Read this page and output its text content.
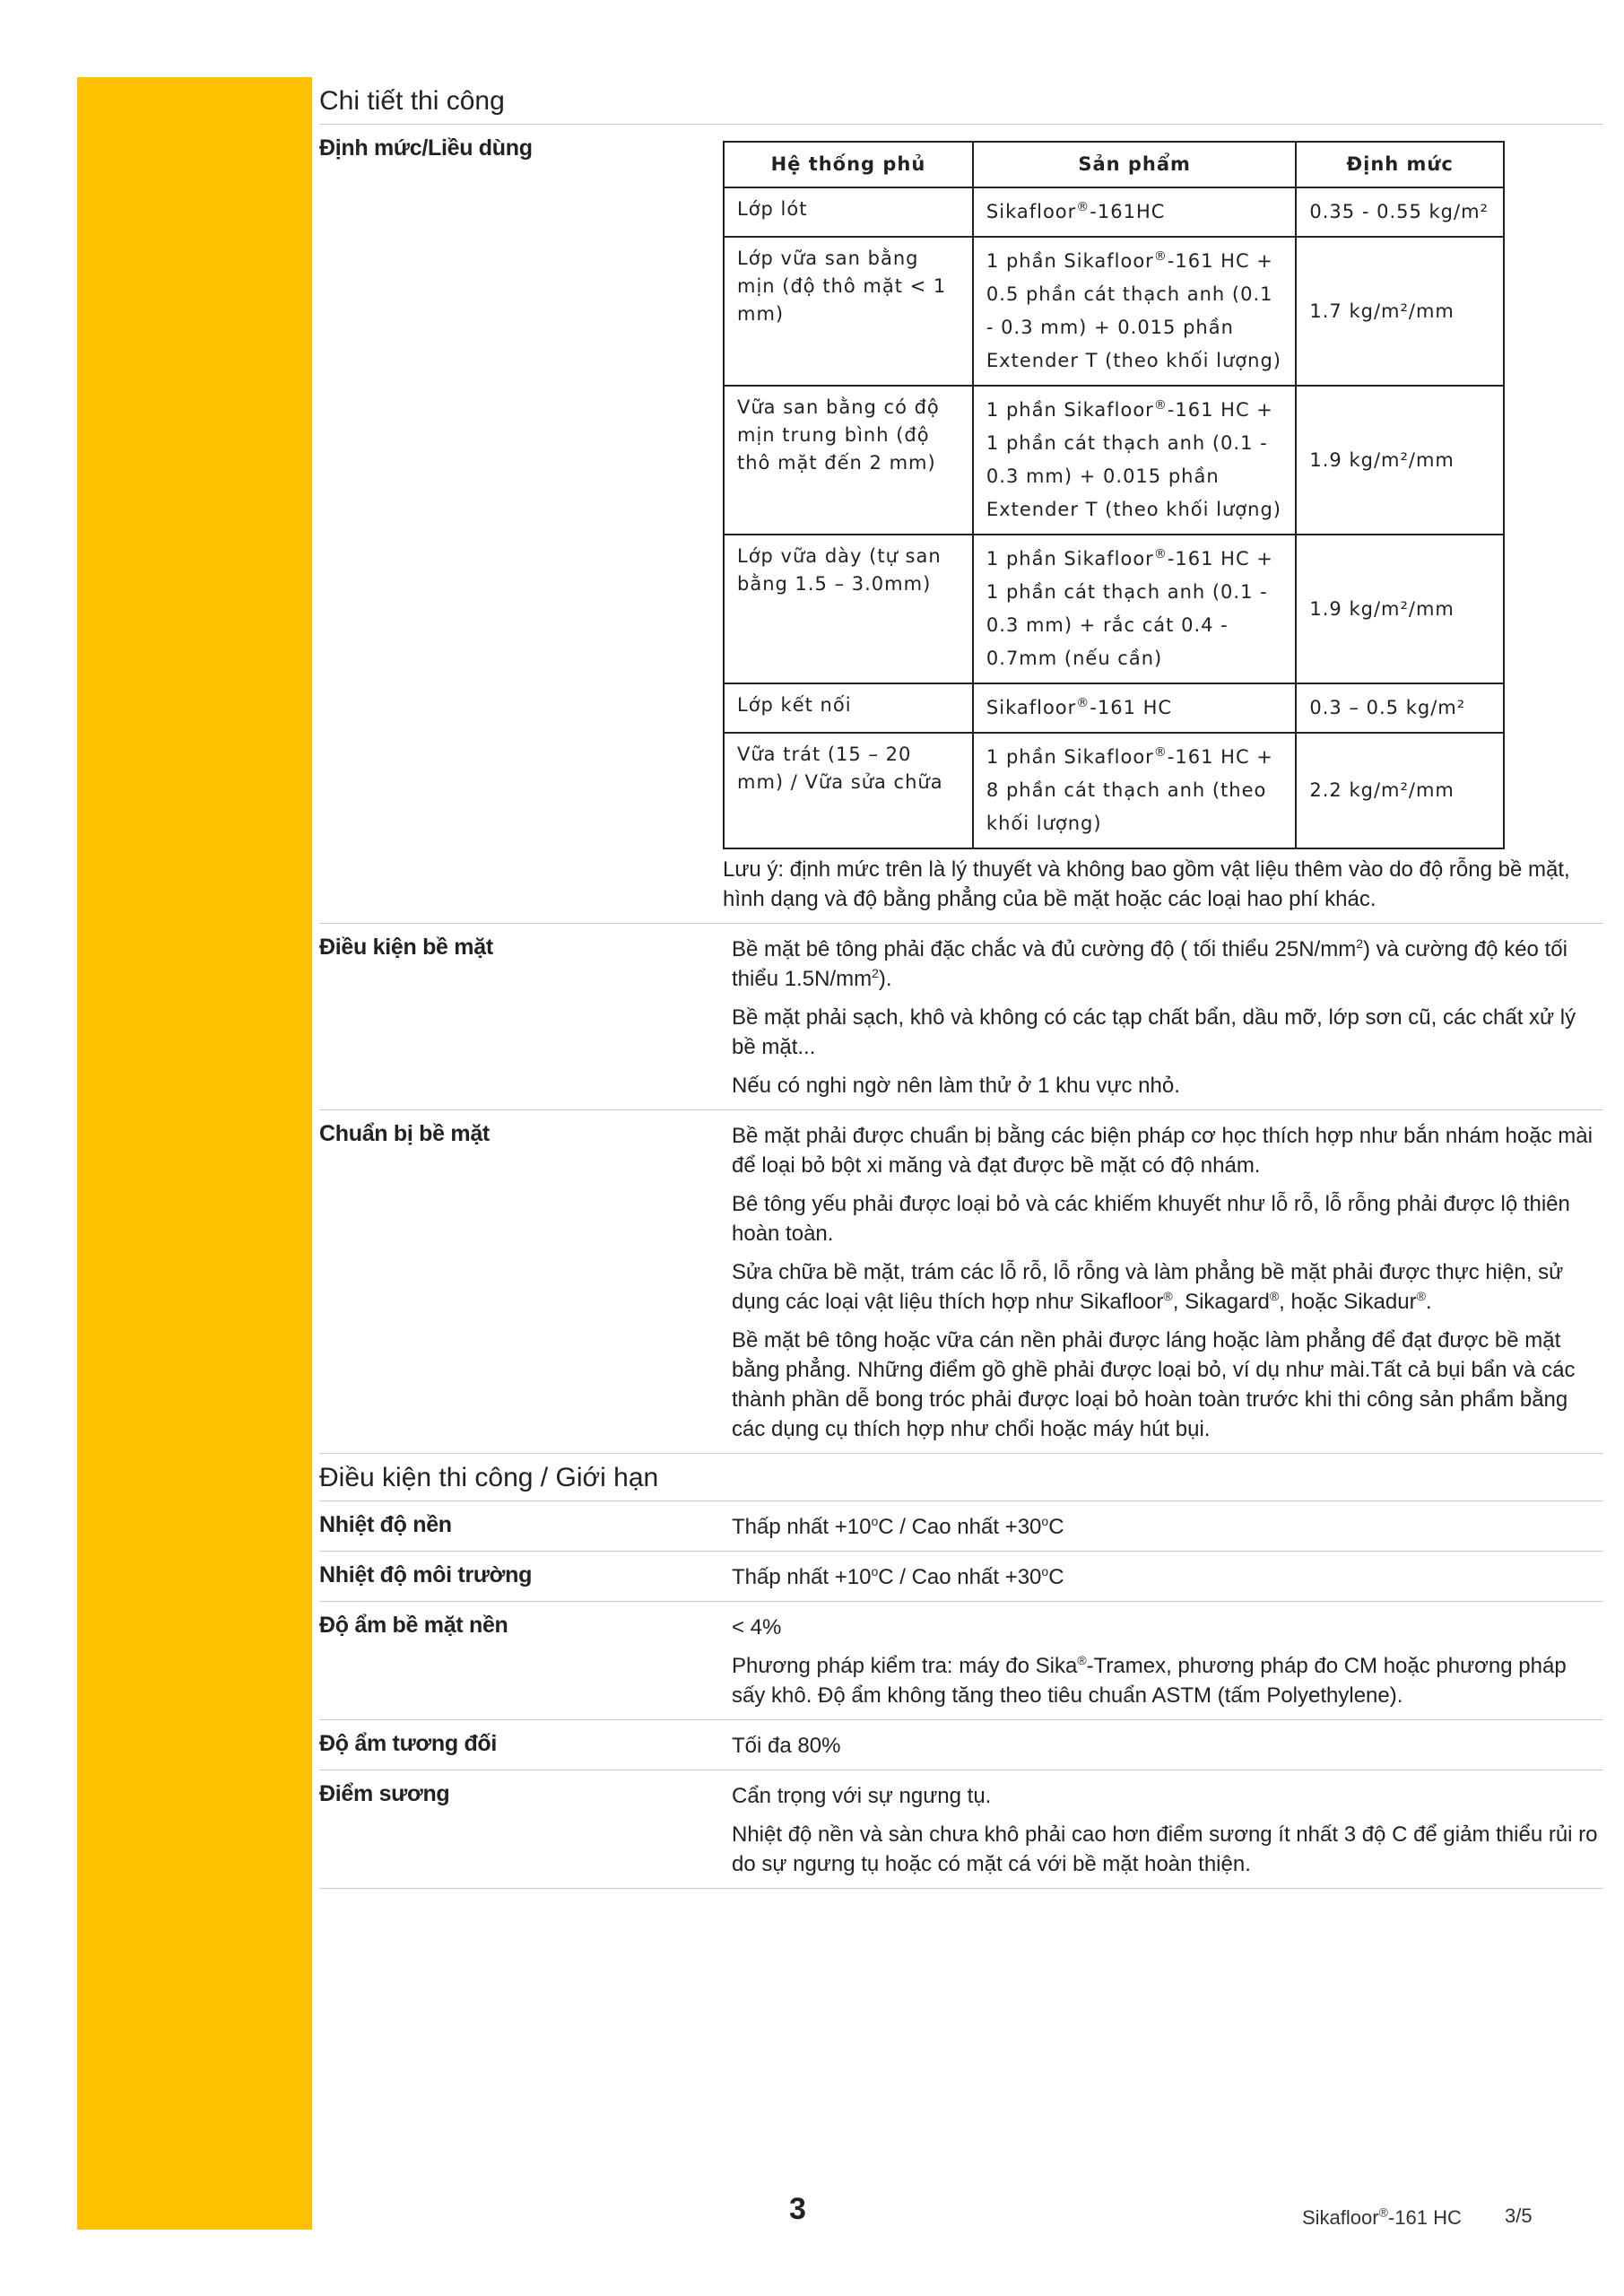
Chi tiết thi công
Định mức/Liều dùng
Hệ thống phủ	Sản phẩm	Định mức
Lớp lót	Sikafloor®-161HC	0.35 - 0.55 kg/m²
Lớp vữa san bằng mịn (độ thô mặt < 1 mm)	1 phần Sikafloor®-161 HC + 0.5 phần cát thạch anh (0.1 - 0.3 mm) + 0.015 phần Extender T (theo khối lượng)	1.7 kg/m²/mm
Vữa san bằng có độ mịn trung bình (độ thô mặt đến 2 mm)	1 phần Sikafloor®-161 HC + 1 phần cát thạch anh (0.1 - 0.3 mm) + 0.015 phần Extender T (theo khối lượng)	1.9 kg/m²/mm
Lớp vữa dày (tự san bằng 1.5 – 3.0mm)	1 phần Sikafloor®-161 HC + 1 phần cát thạch anh (0.1 - 0.3 mm) + rắc cát 0.4 - 0.7mm (nếu cần)	1.9 kg/m²/mm
Lớp kết nối	Sikafloor®-161 HC	0.3 – 0.5 kg/m²
Vữa trát (15 – 20 mm) / Vữa sửa chữa	1 phần Sikafloor®-161 HC + 8 phần cát thạch anh (theo khối lượng)	2.2 kg/m²/mm
Lưu ý: định mức trên là lý thuyết và không bao gồm vật liệu thêm vào do độ rỗng bề mặt, hình dạng và độ bằng phẳng của bề mặt hoặc các loại hao phí khác.
Điều kiện bề mặt	Bề mặt bê tông phải đặc chắc và đủ cường độ ( tối thiểu $25N/mm^2$) và cường độ kéo tối thiểu $1.5N/mm^2$).

Bề mặt phải sạch, khô và không có các tạp chất bẩn, dầu mỡ, lớp sơn cũ, các chất xử lý bề mặt...

Nếu có nghi ngờ nên làm thử ở 1 khu vực nhỏ.

Chuẩn bị bề mặt	Bề mặt phải được chuẩn bị bằng các biện pháp cơ học thích hợp như bắn nhám hoặc mài để loại bỏ bột xi măng và đạt được bề mặt có độ nhám.

Bê tông yếu phải được loại bỏ và các khiếm khuyết như lỗ rỗ, lỗ rỗng phải được lộ thiên hoàn toàn.

Sửa chữa bề mặt, trám các lỗ rỗ, lỗ rỗng và làm phẳng bề mặt phải được thực hiện, sử dụng các loại vật liệu thích hợp như Sikafloor®, Sikagard®, hoặc Sikadur®.

Bề mặt bê tông hoặc vữa cán nền phải được láng hoặc làm phẳng để đạt được bề mặt bằng phẳng. Những điểm gồ ghề phải được loại bỏ, ví dụ như mài.Tất cả bụi bẩn và các thành phần dễ bong tróc phải được loại bỏ hoàn toàn trước khi thi công sản phẩm bằng các dụng cụ thích hợp như chổi hoặc máy hút bụi.

Điều kiện thi công / Giới hạn
Nhiệt độ nền	Thấp nhất $+10^oC$ / Cao nhất $+30^oC$

Nhiệt độ môi trường	Thấp nhất $+10^oC$ / Cao nhất $+30^oC$

Độ ẩm bề mặt nền	< 4%

Phương pháp kiểm tra: máy đo Sika®-Tramex, phương pháp đo CM hoặc phương pháp sấy khô. Độ ẩm không tăng theo tiêu chuẩn ASTM (tấm Polyethylene).

Độ ẩm tương đối	Tối đa 80%

Điểm sương	Cẩn trọng với sự ngưng tụ.

Nhiệt độ nền và sàn chưa khô phải cao hơn điểm sương ít nhất 3 độ C để giảm thiểu rủi ro do sự ngưng tụ hoặc có mặt cá với bề mặt hoàn thiện.

3	Sikafloor®-161 HC 3/5
